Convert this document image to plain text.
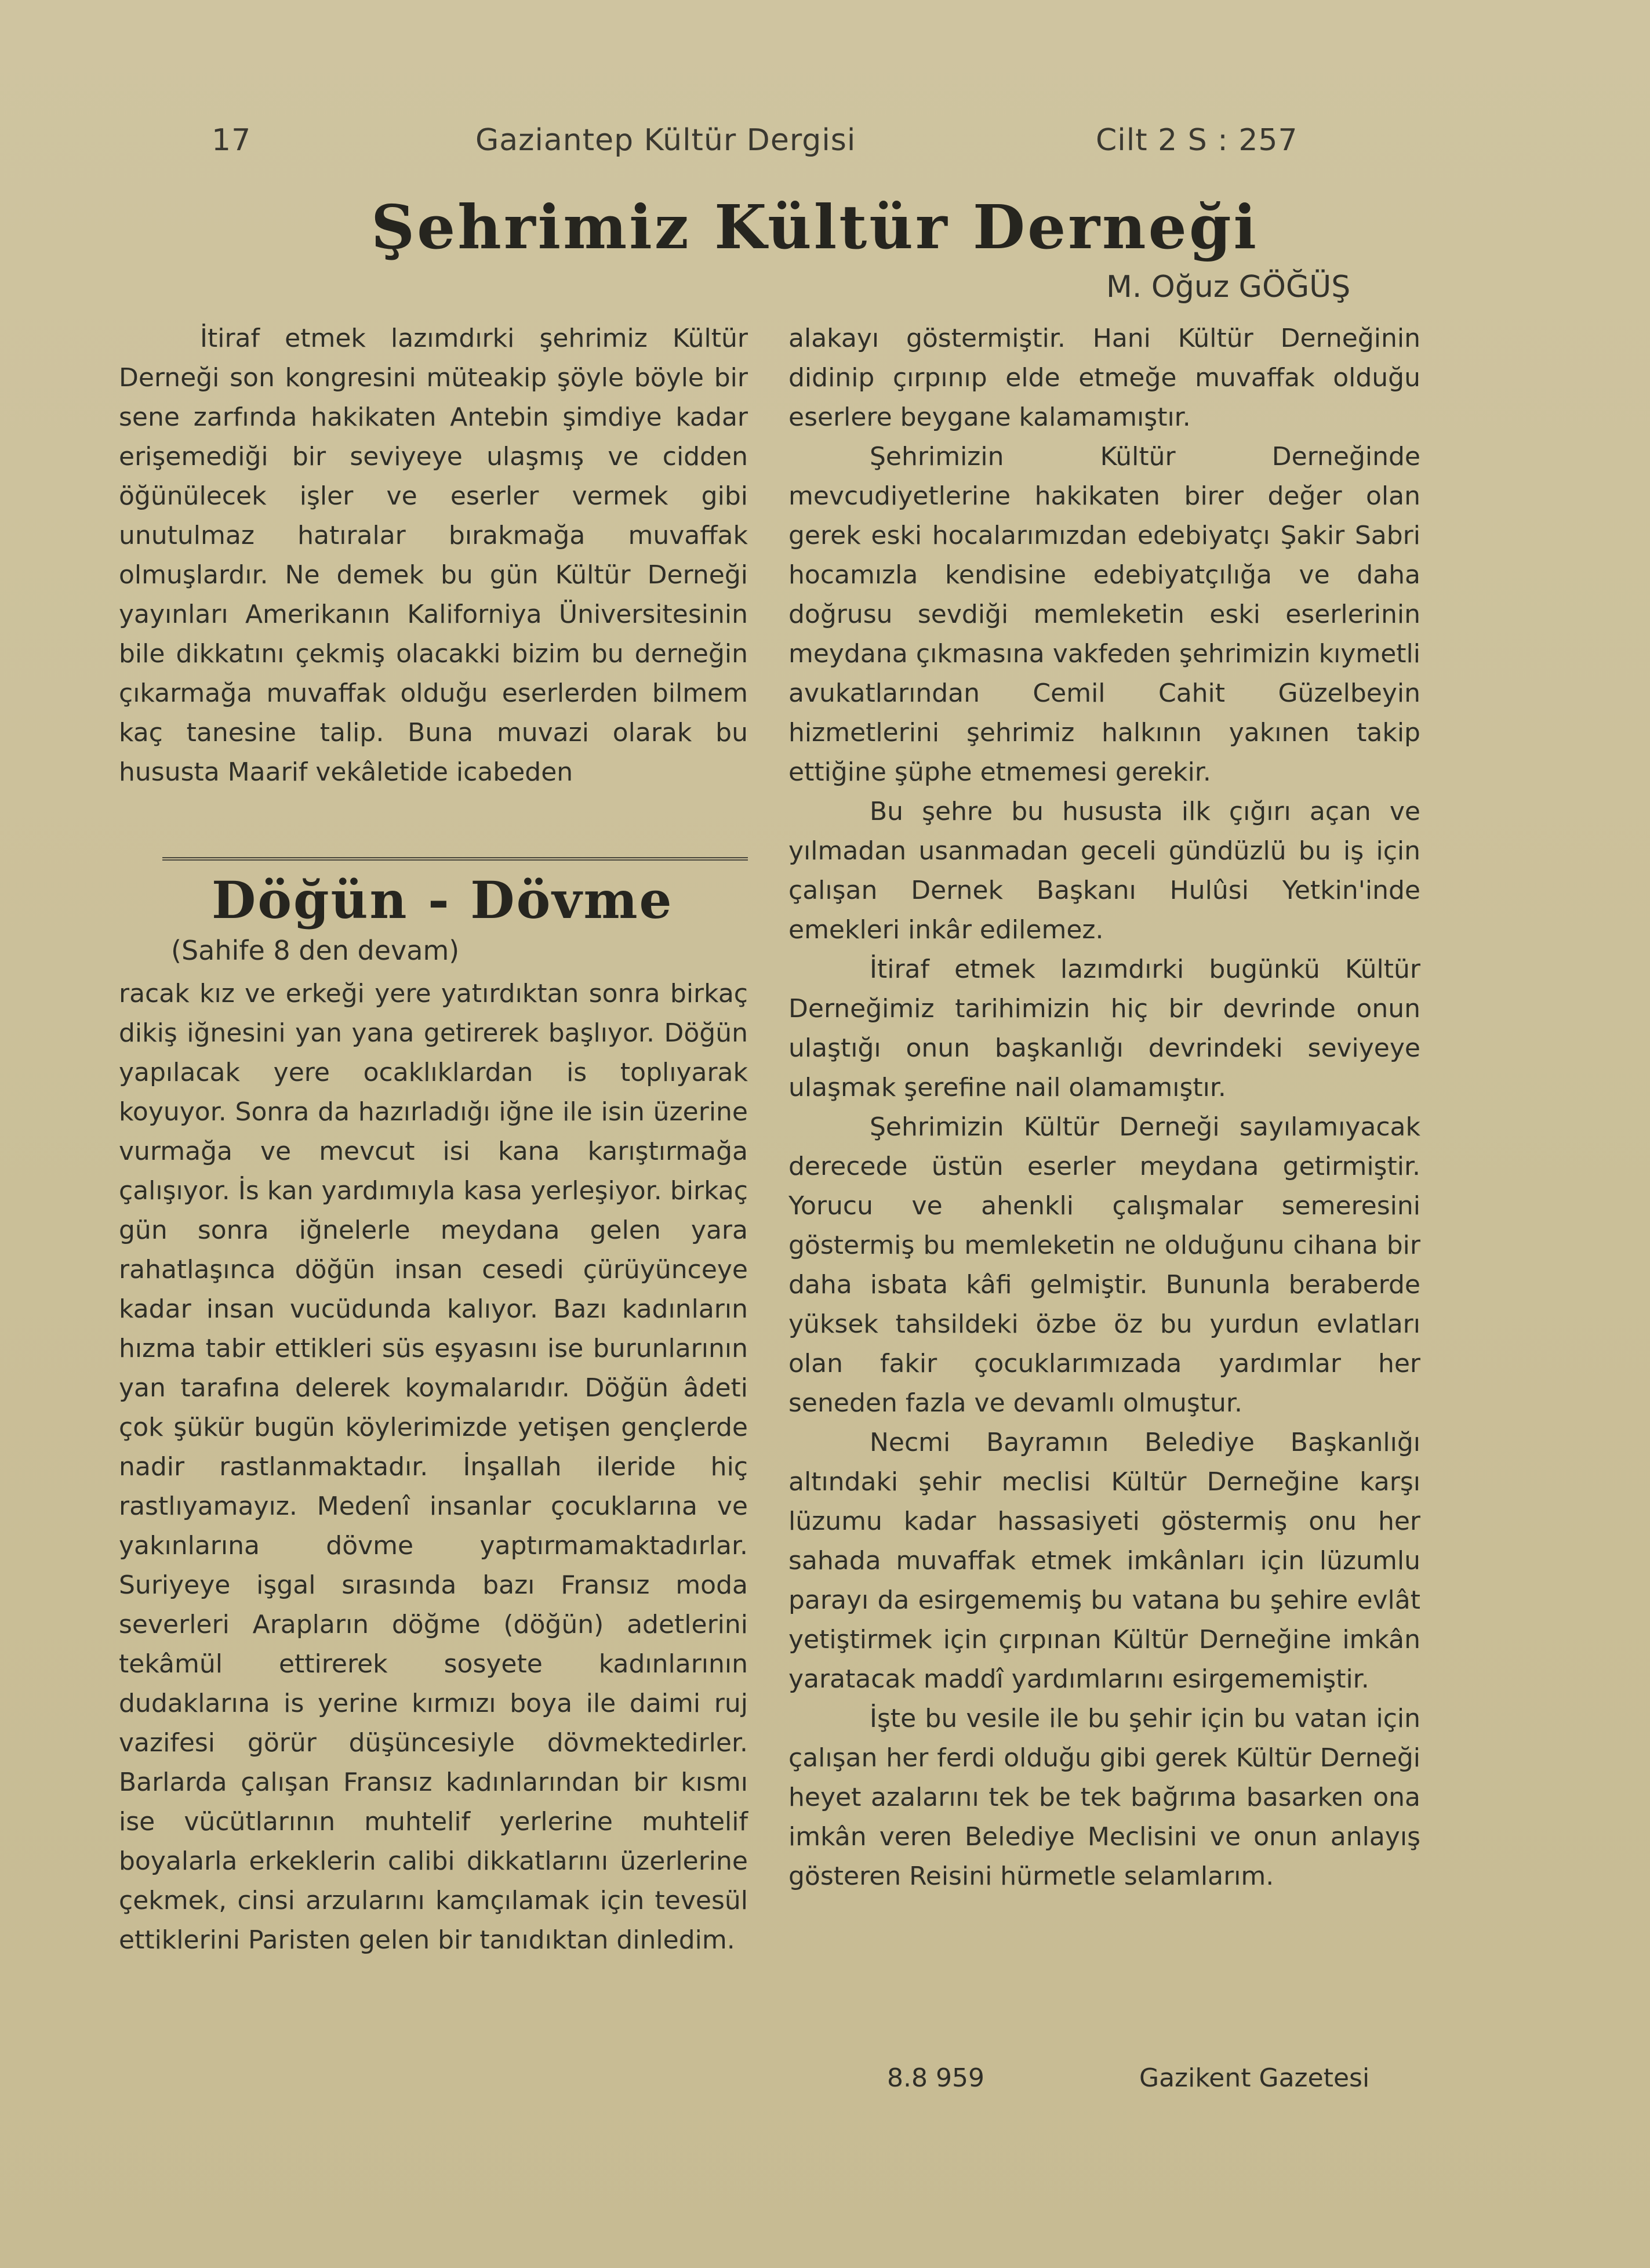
17	Gaziantep Kültür Dergisi	Cilt 2 S : 257
Şehrimiz Kültür Derneği
M. Oğuz GÖĞÜŞ

İtiraf etmek lazımdırki şehrimiz Kültür Derneği son kongresini müteakip şöyle böyle bir sene zarfında hakikaten Antebin şimdiye kadar erişemediği bir seviyeye ulaşmış ve cidden öğünülecek işler ve eserler vermek gibi unutulmaz hatıralar bırakmağa muvaffak olmuşlardır. Ne demek bu gün Kültür Derneği yayınları Amerikanın Kaliforniya Üniversitesinin bile dikkatını çekmiş olacakki bizim bu derneğin çıkarmağa muvaffak olduğu eserlerden bilmem kaç tanesine talip. Buna muvazi olarak bu hususta Maarif vekâletide icabeden

alakayı göstermiştir. Hani Kültür Derneğinin didinip çırpınıp elde etmeğe muvaffak olduğu eserlere beygane kalamamıştır.

Şehrimizin Kültür Derneğinde mevcudiyetlerine hakikaten birer değer olan gerek eski hocalarımızdan edebiyatçı Şakir Sabri hocamızla kendisine edebiyatçılığa ve daha doğrusu sevdiği memleketin eski eserlerinin meydana çıkmasına vakfeden şehrimizin kıymetli avukatlarından Cemil Cahit Güzelbeyin hizmetlerini şehrimiz halkının yakınen takip ettiğine şüphe etmemesi gerekir.

Bu şehre bu hususta ilk çığırı açan ve yılmadan usanmadan geceli gündüzlü bu iş için çalışan Dernek Başkanı Hulûsi Yetkin'inde emekleri inkâr edilemez.

İtiraf etmek lazımdırki bugünkü Kültür Derneğimiz tarihimizin hiç bir devrinde onun ulaştığı onun başkanlığı devrindeki seviyeye ulaşmak şerefine nail olamamıştır.

Şehrimizin Kültür Derneği sayılamıyacak derecede üstün eserler meydana getirmiştir. Yorucu ve ahenkli çalışmalar semeresini göstermiş bu memleketin ne olduğunu cihana bir daha isbata kâfi gelmiştir. Bununla beraberde yüksek tahsildeki özbe öz bu yurdun evlatları olan fakir çocuklarımızada yardımlar her seneden fazla ve devamlı olmuştur.

Necmi Bayramın Belediye Başkanlığı altındaki şehir meclisi Kültür Derneğine karşı lüzumu kadar hassasiyeti göstermiş onu her sahada muvaffak etmek imkânları için lüzumlu parayı da esirgememiş bu vatana bu şehire evlât yetiştirmek için çırpınan Kültür Derneğine imkân yaratacak maddî yardımlarını esirgememiştir.

İşte bu vesile ile bu şehir için bu vatan için çalışan her ferdi olduğu gibi gerek Kültür Derneği heyet azalarını tek be tek bağrıma basarken ona imkân veren Belediye Meclisini ve onun anlayış gösteren Reisini hürmetle selamlarım.

Döğün - Dövme
(Sahife 8 den devam)

racak kız ve erkeği yere yatırdıktan sonra birkaç dikiş iğnesini yan yana getirerek başlıyor. Döğün yapılacak yere ocaklıklardan is toplıyarak koyuyor. Sonra da hazırladığı iğne ile isin üzerine vurmağa ve mevcut isi kana karıştırmağa çalışıyor. İs kan yardımıyla kasa yerleşiyor. birkaç gün sonra iğnelerle meydana gelen yara rahatlaşınca döğün insan cesedi çürüyünceye kadar insan vucüdunda kalıyor. Bazı kadınların hızma tabir ettikleri süs eşyasını ise burunlarının yan tarafına delerek koymalarıdır. Döğün âdeti çok şükür bugün köylerimizde yetişen gençlerde nadir rastlanmaktadır. İnşallah ileride hiç rastlıyamayız. Medenî insanlar çocuklarına ve yakınlarına dövme yaptırmamaktadırlar. Suriyeye işgal sırasında bazı Fransız moda severleri Arapların döğme (döğün) adetlerini tekâmül ettirerek sosyete kadınlarının dudaklarına is yerine kırmızı boya ile daimi ruj vazifesi görür düşüncesiyle dövmektedirler. Barlarda çalışan Fransız kadınlarından bir kısmı ise vücütlarının muhtelif yerlerine muhtelif boyalarla erkeklerin calibi dikkatlarını üzerlerine çekmek, cinsi arzularını kamçılamak için tevesül ettiklerini Paristen gelen bir tanıdıktan dinledim.

8.8 959	Gazikent Gazetesi
